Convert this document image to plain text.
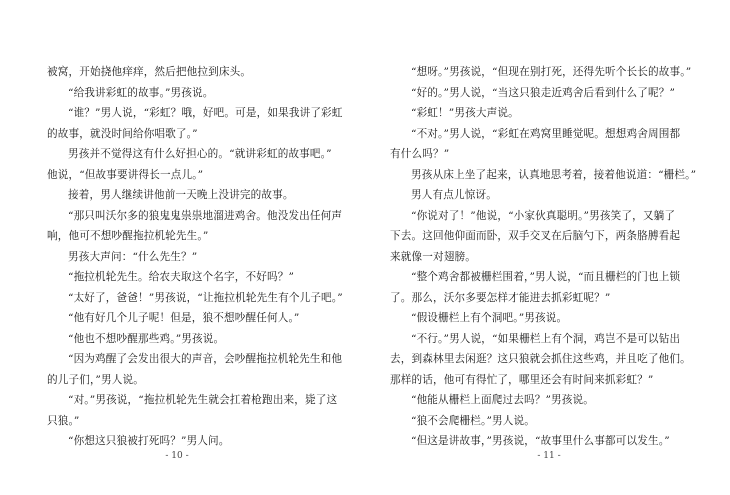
被窝，开始挠他痒痒，然后把他拉到床头。
“给我讲彩虹的故事。”男孩说。
“谁？”男人说，“彩虹？哦，好吧。可是，如果我讲了彩虹
的故事，就没时间给你唱歌了。”
男孩并不觉得这有什么好担心的。“就讲彩虹的故事吧。”
他说，“但故事要讲得长一点儿。”
接着，男人继续讲他前一天晚上没讲完的故事。
“那只叫沃尔多的狼鬼鬼祟祟地溜进鸡舍。他没发出任何声
响，他可不想吵醒拖拉机轮先生。”
男孩大声问：“什么先生？”
“拖拉机轮先生。给农夫取这个名字，不好吗？”
“太好了，爸爸！”男孩说，“让拖拉机轮先生有个儿子吧。”
“他有好几个儿子呢！但是，狼不想吵醒任何人。”
“他也不想吵醒那些鸡。”男孩说。
“因为鸡醒了会发出很大的声音，会吵醒拖拉机轮先生和他
的儿子们，”男人说。
“对。”男孩说，“拖拉机轮先生就会扛着枪跑出来，毙了这
只狼。”
“你想这只狼被打死吗？”男人问。
- 10 -
“想呀。”男孩说，“但现在别打死，还得先听个长长的故事。”
“好的。”男人说，“当这只狼走近鸡舍后看到什么了呢？”
“彩虹！”男孩大声说。
“不对。”男人说，“彩虹在鸡窝里睡觉呢。想想鸡舍周围都
有什么吗？”
男孩从床上坐了起来，认真地思考着，接着他说道：“栅栏。”
男人有点儿惊讶。
“你说对了！”他说，“小家伙真聪明。”男孩笑了，又躺了
下去。这回他仰面而卧，双手交叉在后脑勺下，两条胳膊看起
来就像一对翅膀。
“整个鸡舍都被栅栏围着，”男人说，“而且栅栏的门也上锁
了。那么，沃尔多要怎样才能进去抓彩虹呢？”
“假设栅栏上有个洞吧。”男孩说。
“不行。”男人说，“如果栅栏上有个洞，鸡岂不是可以钻出
去，到森林里去闲逛？这只狼就会抓住这些鸡，并且吃了他们。
那样的话，他可有得忙了，哪里还会有时间来抓彩虹？”
“他能从栅栏上面爬过去吗？”男孩说。
“狼不会爬栅栏。”男人说。
“但这是讲故事，”男孩说，“故事里什么事都可以发生。”
- 11 -
